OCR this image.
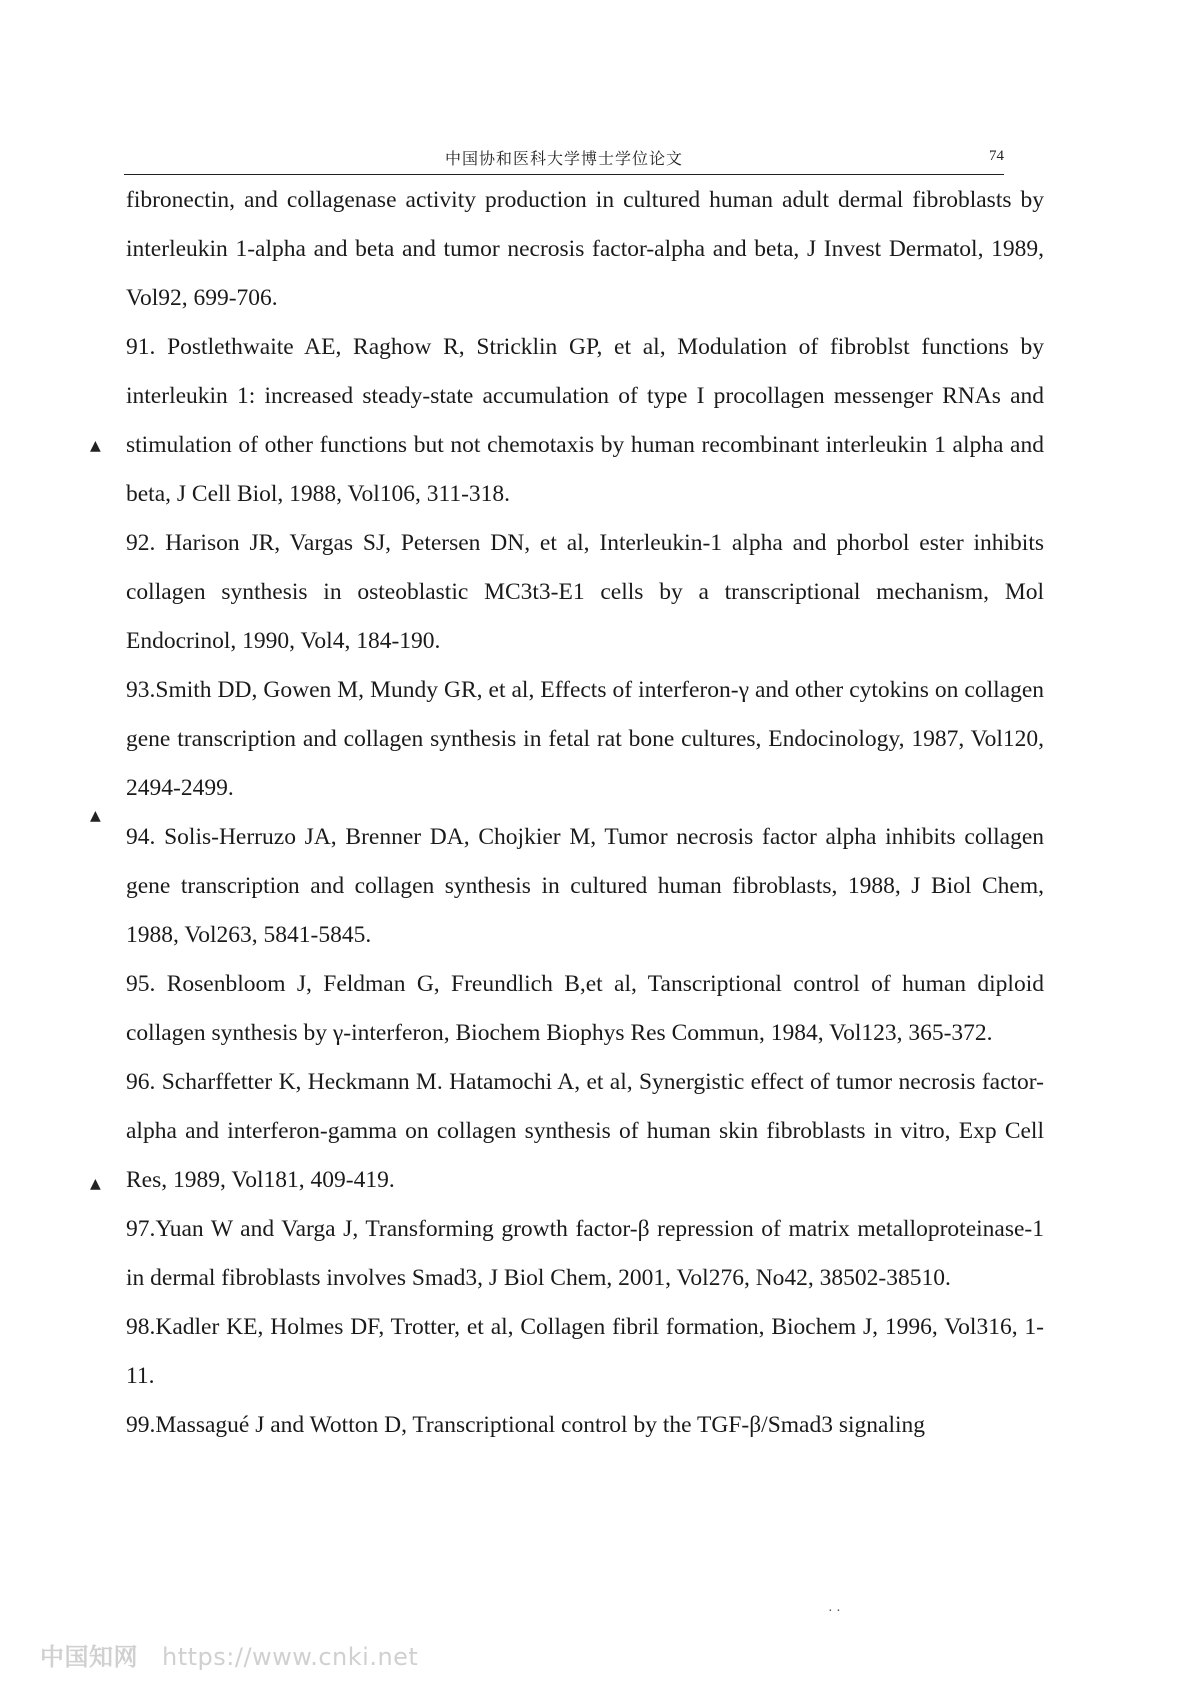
中国协和医科大学博士学位论文	74

fibronectin, and collagenase activity production in cultured human adult dermal fibroblasts by interleukin 1-alpha and beta and tumor necrosis factor-alpha and beta, J Invest Dermatol, 1989, Vol92, 699-706.

91. Postlethwaite AE, Raghow R, Stricklin GP, et al, Modulation of fibroblst functions by interleukin 1: increased steady-state accumulation of type I procollagen messenger RNAs and stimulation of other functions but not chemotaxis by human recombinant interleukin 1 alpha and beta, J Cell Biol, 1988, Vol106, 311-318.

92. Harison JR, Vargas SJ, Petersen DN, et al, Interleukin-1 alpha and phorbol ester inhibits collagen synthesis in osteoblastic MC3t3-E1 cells by a transcriptional mechanism, Mol Endocrinol, 1990, Vol4, 184-190.

93.Smith DD, Gowen M, Mundy GR, et al, Effects of interferon-γ and other cytokins on collagen gene transcription and collagen synthesis in fetal rat bone cultures, Endocinology, 1987, Vol120, 2494-2499.

94. Solis-Herruzo JA, Brenner DA, Chojkier M, Tumor necrosis factor alpha inhibits collagen gene transcription and collagen synthesis in cultured human fibroblasts, 1988, J Biol Chem, 1988, Vol263, 5841-5845.

95. Rosenbloom J, Feldman G, Freundlich B,et al, Tanscriptional control of human diploid collagen synthesis by γ-interferon, Biochem Biophys Res Commun, 1984, Vol123, 365-372.

96. Scharffetter K, Heckmann M. Hatamochi A, et al, Synergistic effect of tumor necrosis factor-alpha and interferon-gamma on collagen synthesis of human skin fibroblasts in vitro, Exp Cell Res, 1989, Vol181, 409-419.

97.Yuan W and Varga J, Transforming growth factor-β repression of matrix metalloproteinase-1 in dermal fibroblasts involves Smad3, J Biol Chem, 2001, Vol276, No42, 38502-38510.

98.Kadler KE, Holmes DF, Trotter, et al, Collagen fibril formation, Biochem J, 1996, Vol316, 1-11.

99.Massagué J and Wotton D, Transcriptional control by the TGF-β/Smad3 signaling

▲
▲
▲
· ·
中国知网 https://www.cnki.net
